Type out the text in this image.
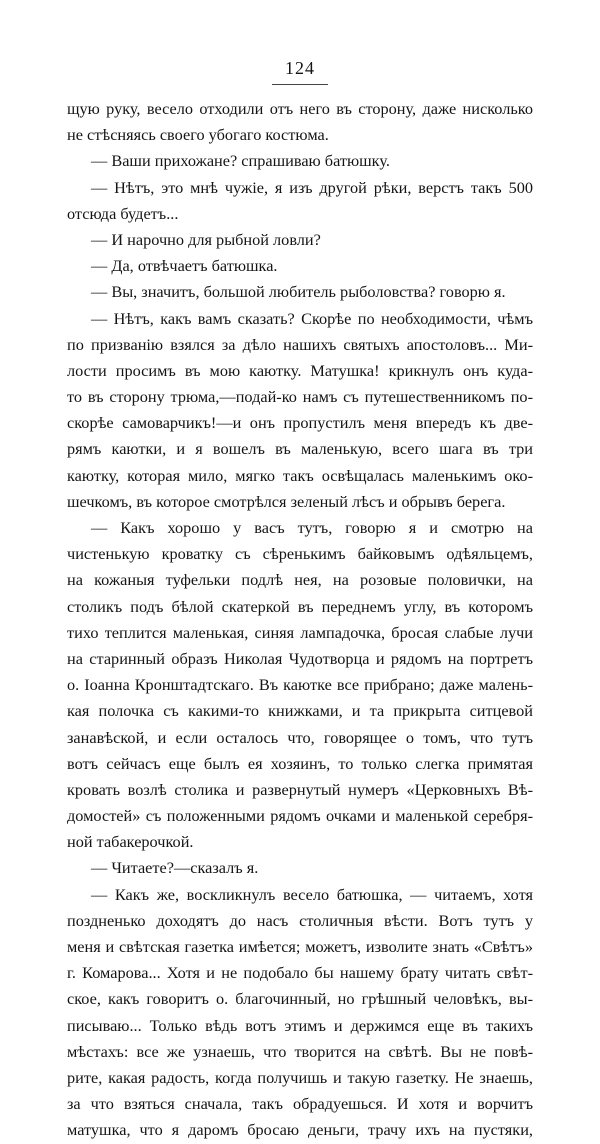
124
щую руку, весело отходили отъ него въ сторону, даже нисколько
не стѣсняясь своего убогаго костюма.
— Ваши прихожане? спрашиваю батюшку.
— Нѣтъ, это мнѣ чужіе, я изъ другой рѣки, верстъ такъ 500
отсюда будетъ...
— И нарочно для рыбной ловли?
— Да, отвѣчаетъ батюшка.
— Вы, значитъ, большой любитель рыболовства? говорю я.
— Нѣтъ, какъ вамъ сказать? Скорѣе по необходимости, чѣмъ
по призванію взялся за дѣло нашихъ святыхъ апостоловъ... Ми-
лости просимъ въ мою каютку. Матушка! крикнулъ онъ куда-
то въ сторону трюма,—подай-ко намъ съ путешественникомъ по-
скорѣе самоварчикъ!—и онъ пропустилъ меня впередъ къ две-
рямъ каютки, и я вошелъ въ маленькую, всего шага въ три
каютку, которая мило, мягко такъ освѣщалась маленькимъ око-
шечкомъ, въ которое смотрѣлся зеленый лѣсъ и обрывъ берега.
— Какъ хорошо у васъ тутъ, говорю я и смотрю на
чистенькую кроватку съ сѣренькимъ байковымъ одѣяльцемъ,
на кожаныя туфельки подлѣ нея, на розовые половички, на
столикъ подъ бѣлой скатеркой въ переднемъ углу, въ которомъ
тихо теплится маленькая, синяя лампадочка, бросая слабые лучи
на старинный образъ Николая Чудотворца и рядомъ на портретъ
о. Іоанна Кронштадтскаго. Въ каютке все прибрано; даже малень-
кая полочка съ какими-то книжками, и та прикрыта ситцевой
занавѣской, и если осталось что, говорящее о томъ, что тутъ
вотъ сейчасъ еще былъ ея хозяинъ, то только слегка примятая
кровать возлѣ столика и развернутый нумеръ «Церковныхъ Вѣ-
домостей» съ положенными рядомъ очками и маленькой серебря-
ной табакерочкой.
— Читаете?—сказалъ я.
— Какъ же, воскликнулъ весело батюшка, — читаемъ, хотя
поздненько доходятъ до насъ столичныя вѣсти. Вотъ тутъ у
меня и свѣтская газетка имѣется; можетъ, изволите знать «Свѣтъ»
г. Комарова... Хотя и не подобало бы нашему брату читать свѣт-
ское, какъ говоритъ о. благочинный, но грѣшный человѣкъ, вы-
писываю... Только вѣдь вотъ этимъ и держимся еще въ такихъ
мѣстахъ: все же узнаешь, что творится на свѣтѣ. Вы не повѣ-
рите, какая радость, когда получишь и такую газетку. Не знаешь,
за что взяться сначала, такъ обрадуешься. И хотя и ворчитъ
матушка, что я даромъ бросаю деньги, трачу ихъ на пустяки,
